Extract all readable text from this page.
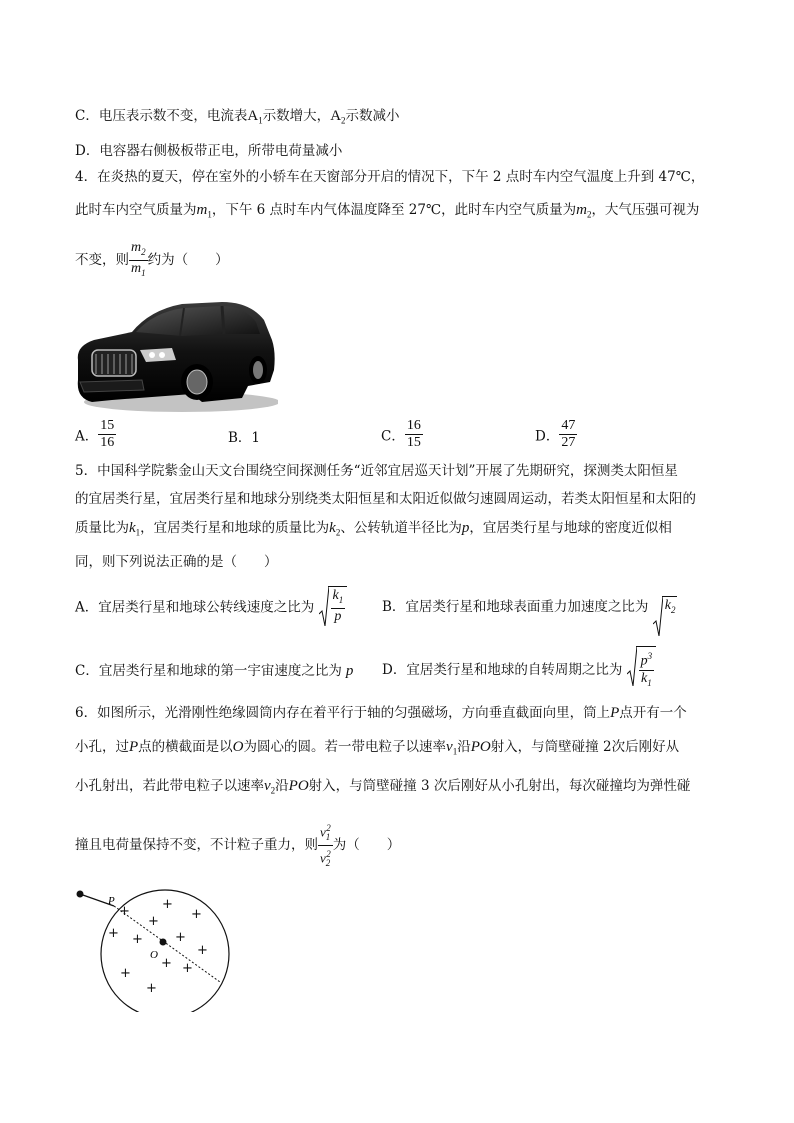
C．电压表示数不变，电流表$A_1$示数增大，$A_2$示数减小
D．电容器右侧极板带正电，所带电荷量减小
4．在炎热的夏天，停在室外的小轿车在天窗部分开启的情况下，下午 2 点时车内空气温度上升到 47℃，
此时车内空气质量为$m_1$，下午 6 点时车内气体温度降至 27℃，此时车内空气质量为$m_2$，大气压强可视为
不变，则 $\frac{m_2}{m_1}$ 约为（　　）
A． $\frac{15}{16}$	B．1	C． $\frac{16}{15}$	D． $\frac{47}{27}$
5．中国科学院紫金山天文台围绕空间探测任务“近邻宜居巡天计划”开展了先期研究，探测类太阳恒星
的宜居类行星，宜居类行星和地球分别绕类太阳恒星和太阳近似做匀速圆周运动，若类太阳恒星和太阳的
质量比为$k_1$，宜居类行星和地球的质量比为$k_2$、公转轨道半径比为p，宜居类行星与地球的密度近似相
同，则下列说法正确的是（　　）
A．宜居类行星和地球公转线速度之比为 $\frac{k_1}{p}$	B．宜居类行星和地球表面重力加速度之比为 $k_2$
C．宜居类行星和地球的第一宇宙速度之比为 p D．宜居类行星和地球的自转周期之比为 $\frac{p^3}{k_1}$
6．如图所示，光滑刚性绝缘圆筒内存在着平行于轴的匀强磁场，方向垂直截面向里，筒上P点开有一个
小孔，过P点的横截面是以O为圆心的圆。若一带电粒子以速率$v_1$沿PO射入，与筒壁碰撞 2次后刚好从
小孔射出，若此带电粒子以速率$v_2$沿PO射入，与筒壁碰撞 3 次后刚好从小孔射出，每次碰撞均为弹性碰
撞且电荷量保持不变，不计粒子重力，则 $\frac{v_1^2}{v_2^2}$ 为（　　）
P
O
+ +
+
+
+ + +
+
+ +
+
+
